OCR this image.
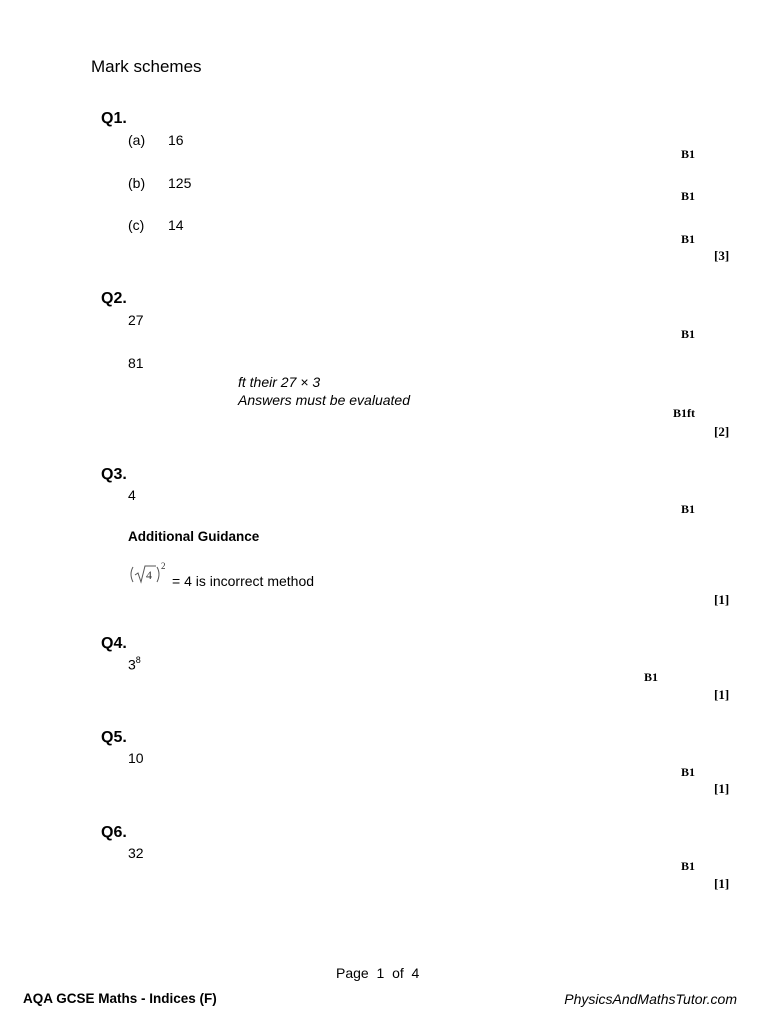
Mark schemes
Q1.
(a) 16
B1
(b) 125
B1
(c) 14
B1
[3]
Q2.
27
B1
81
ft their 27 × 3
Answers must be evaluated
B1ft
[2]
Q3.
4
B1
Additional Guidance
4
2
= 4 is incorrect method
[1]
Q4.
$3^8$
B1
[1]
Q5.
10
B1
[1]
Q6.
32
B1
[1]
Page 1 of 4
AQA GCSE Maths - Indices (F)	PhysicsAndMathsTutor.com
